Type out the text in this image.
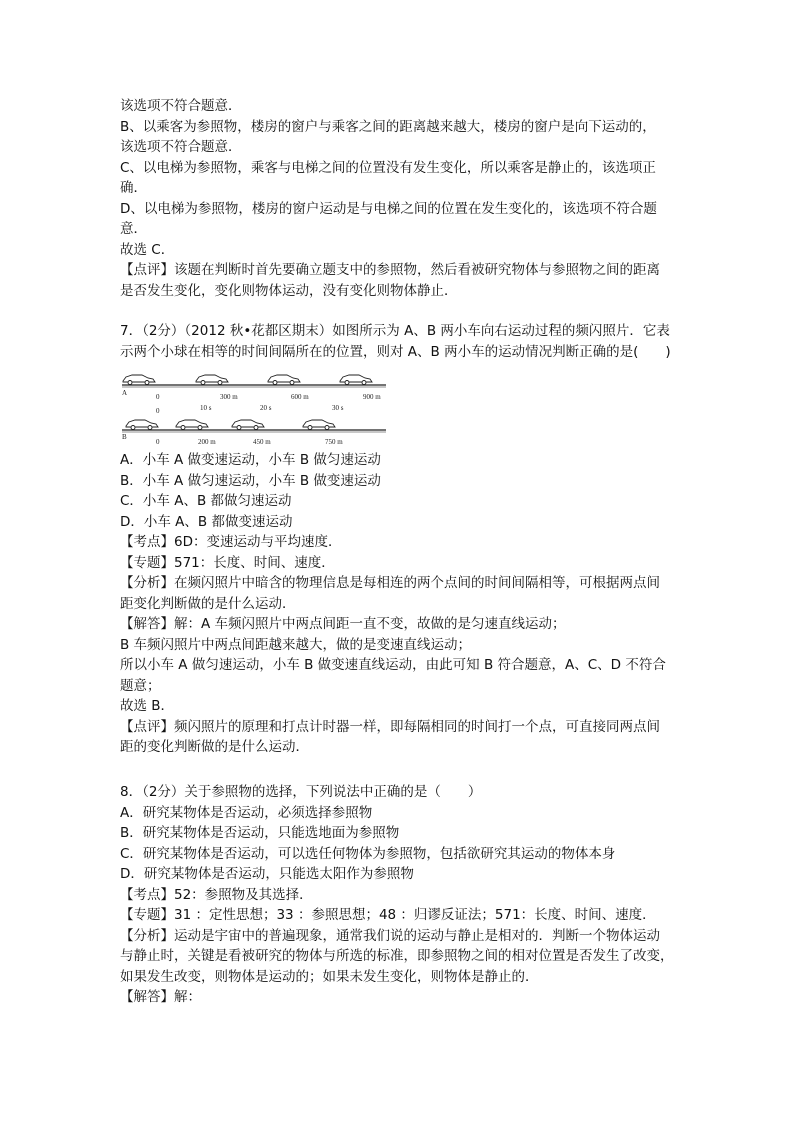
该选项不符合题意．
B、以乘客为参照物，楼房的窗户与乘客之间的距离越来越大，楼房的窗户是向下运动的，
该选项不符合题意．
C、以电梯为参照物，乘客与电梯之间的位置没有发生变化，所以乘客是静止的，该选项正
确．
D、以电梯为参照物，楼房的窗户运动是与电梯之间的位置在发生变化的，该选项不符合题
意．
故选 C．
【点评】该题在判断时首先要确立题支中的参照物，然后看被研究物体与参照物之间的距离
是否发生变化，变化则物体运动，没有变化则物体静止．
7．（2分）（2012 秋•花都区期末）如图所示为 A、B 两小车向右运动过程的频闪照片．它表
示两个小球在相等的时间间隔所在的位置，则对 A、B 两小车的运动情况判断正确的是(　　)
A	0	300 m	600 m	900 m
0	10 s	20 s	30 s
B
0	200 m	450 m	750 m
A．小车 A 做变速运动，小车 B 做匀速运动
B．小车 A 做匀速运动，小车 B 做变速运动
C．小车 A、B 都做匀速运动
D．小车 A、B 都做变速运动
【考点】6D：变速运动与平均速度．
【专题】571：长度、时间、速度．
【分析】在频闪照片中暗含的物理信息是每相连的两个点间的时间间隔相等，可根据两点间
距变化判断做的是什么运动．
【解答】解：A 车频闪照片中两点间距一直不变，故做的是匀速直线运动；
B 车频闪照片中两点间距越来越大，做的是变速直线运动；
所以小车 A 做匀速运动，小车 B 做变速直线运动，由此可知 B 符合题意，A、C、D 不符合
题意；
故选 B．
【点评】频闪照片的原理和打点计时器一样，即每隔相同的时间打一个点，可直接同两点间
距的变化判断做的是什么运动．
8．（2分）关于参照物的选择，下列说法中正确的是（　　）
A．研究某物体是否运动，必须选择参照物
B．研究某物体是否运动，只能选地面为参照物
C．研究某物体是否运动，可以选任何物体为参照物，包括欲研究其运动的物体本身
D．研究某物体是否运动，只能选太阳作为参照物
【考点】52：参照物及其选择．
【专题】31 ：定性思想；33 ：参照思想；48 ：归谬反证法；571：长度、时间、速度．
【分析】运动是宇宙中的普遍现象，通常我们说的运动与静止是相对的．判断一个物体运动
与静止时，关键是看被研究的物体与所选的标准，即参照物之间的相对位置是否发生了改变，
如果发生改变，则物体是运动的；如果未发生变化，则物体是静止的．
【解答】解：
